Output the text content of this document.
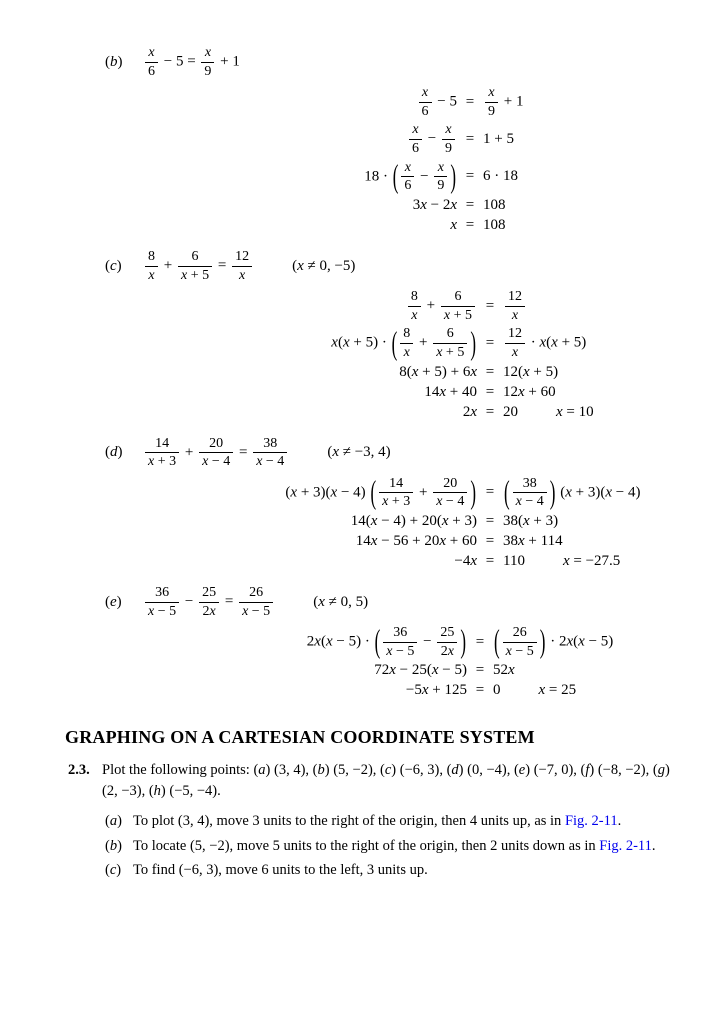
(b)	$\frac{x}{6} - 5 = \frac{x}{9} + 1$
$\frac{x}{6} - 5 = \frac{x}{9} + 1$
$\frac{x}{6} - \frac{x}{9} = 1 + 5$
18 · ( $\frac{x}{6} - \frac{x}{9}$ ) = 6 · 18
3x − 2x = 108
x = 108
(c)	$\frac{8}{x} + \frac{6}{x + 5} = \frac{12}{x}$	(x ≠ 0, −5)
$\frac{8}{x} + \frac{6}{x + 5} = \frac{12}{x}$
x(x + 5) · ( $\frac{8}{x} + \frac{6}{x + 5}$ ) = $\frac{12}{x} \cdot x(x + 5)$
8(x + 5) + 6x = 12(x + 5)
14x + 40 = 12x + 60
2x = 20	x = 10
(d)	$\frac{14}{x + 3} + \frac{20}{x - 4} = \frac{38}{x - 4}$	(x ≠ −3, 4)
(x + 3)(x − 4) ( $\frac{14}{x + 3} + \frac{20}{x - 4}$ ) = ( $\frac{38}{x - 4}$ ) (x + 3)(x − 4)
14(x − 4) + 20(x + 3) = 38(x + 3)
14x − 56 + 20x + 60 = 38x + 114
−4x = 110	x = −27.5
(e)	$\frac{36}{x - 5} - \frac{25}{2x} = \frac{26}{x - 5}$	(x ≠ 0, 5)
2x(x − 5) · ( $\frac{36}{x - 5} - \frac{25}{2x}$ ) = ( $\frac{26}{x - 5}$ ) · 2x(x − 5)
72x − 25(x − 5) = 52x
−5x + 125 = 0	x = 25
GRAPHING ON A CARTESIAN COORDINATE SYSTEM
2.3. Plot the following points: (a) (3, 4), (b) (5, −2), (c) (−6, 3), (d) (0, −4), (e) (−7, 0), (f) (−8, −2), (g)
(2, −3), (h) (−5, −4).
(a) To plot (3, 4), move 3 units to the right of the origin, then 4 units up, as in Fig. 2-11.
(b) To locate (5, −2), move 5 units to the right of the origin, then 2 units down as in Fig. 2-11.
(c) To find (−6, 3), move 6 units to the left, 3 units up.
